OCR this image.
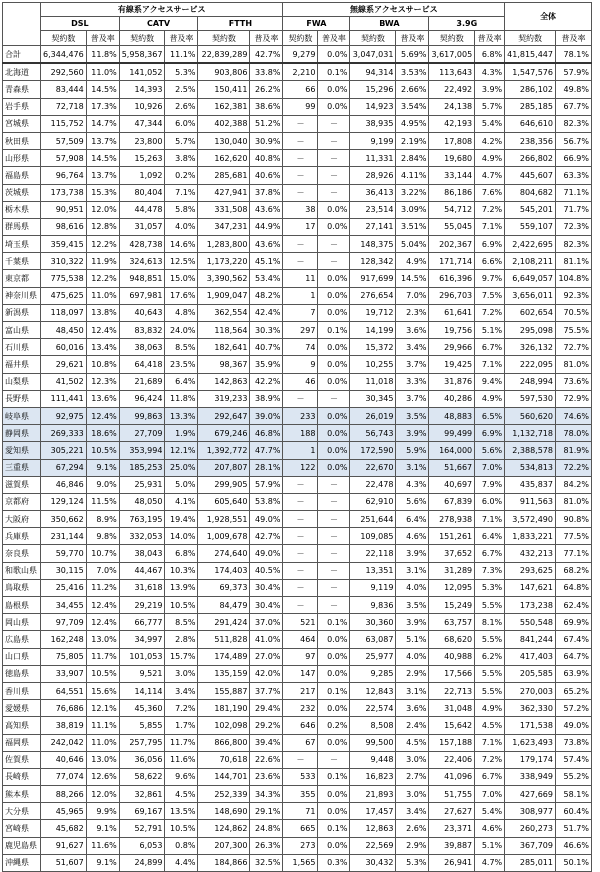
	有線系アクセスサービス						無線系アクセスサービス						全体	
	DSL		CATV		FTTH		FWA		BWA		3.9G			
	契約数	普及率	契約数	普及率	契約数	普及率	契約数	普及率	契約数	普及率	契約数	普及率	契約数	普及率
合計	6,344,476	11.8%	5,958,367	11.1%	22,839,289	42.7%	9,279	0.0%	3,047,031	5.69%	3,617,005	6.8%	41,815,447	78.1%
北海道	292,560	11.0%	141,052	5.3%	903,806	33.8%	2,210	0.1%	94,314	3.53%	113,643	4.3%	1,547,576	57.9%
青森県	83,444	14.5%	14,393	2.5%	150,411	26.2%	66	0.0%	15,296	2.66%	22,492	3.9%	286,102	49.8%
岩手県	72,718	17.3%	10,926	2.6%	162,381	38.6%	99	0.0%	14,923	3.54%	24,138	5.7%	285,185	67.7%
宮城県	115,752	14.7%	47,344	6.0%	402,388	51.2%	－	－	38,935	4.95%	42,193	5.4%	646,610	82.3%
秋田県	57,509	13.7%	23,800	5.7%	130,040	30.9%	－	－	9,199	2.19%	17,808	4.2%	238,356	56.7%
山形県	57,908	14.5%	15,263	3.8%	162,620	40.8%	－	－	11,331	2.84%	19,680	4.9%	266,802	66.9%
福島県	96,764	13.7%	1,092	0.2%	285,681	40.6%	－	－	28,926	4.11%	33,144	4.7%	445,607	63.3%
茨城県	173,738	15.3%	80,404	7.1%	427,941	37.8%	－	－	36,413	3.22%	86,186	7.6%	804,682	71.1%
栃木県	90,951	12.0%	44,478	5.8%	331,508	43.6%	38	0.0%	23,514	3.09%	54,712	7.2%	545,201	71.7%
群馬県	98,616	12.8%	31,057	4.0%	347,231	44.9%	17	0.0%	27,141	3.51%	55,045	7.1%	559,107	72.3%
埼玉県	359,415	12.2%	428,738	14.6%	1,283,800	43.6%	－	－	148,375	5.04%	202,367	6.9%	2,422,695	82.3%
千葉県	310,322	11.9%	324,613	12.5%	1,173,220	45.1%	－	－	128,342	4.9%	171,714	6.6%	2,108,211	81.1%
東京都	775,538	12.2%	948,851	15.0%	3,390,562	53.4%	11	0.0%	917,699	14.5%	616,396	9.7%	6,649,057	104.8%
神奈川県	475,625	11.0%	697,981	17.6%	1,909,047	48.2%	1	0.0%	276,654	7.0%	296,703	7.5%	3,656,011	92.3%
新潟県	118,097	13.8%	40,643	4.8%	362,554	42.4%	7	0.0%	19,712	2.3%	61,641	7.2%	602,654	70.5%
富山県	48,450	12.4%	83,832	24.0%	118,564	30.3%	297	0.1%	14,199	3.6%	19,756	5.1%	295,098	75.5%
石川県	60,016	13.4%	38,063	8.5%	182,641	40.7%	74	0.0%	15,372	3.4%	29,966	6.7%	326,132	72.7%
福井県	29,621	10.8%	64,418	23.5%	98,367	35.9%	9	0.0%	10,255	3.7%	19,425	7.1%	222,095	81.0%
山梨県	41,502	12.3%	21,689	6.4%	142,863	42.2%	46	0.0%	11,018	3.3%	31,876	9.4%	248,994	73.6%
長野県	111,441	13.6%	96,424	11.8%	319,233	38.9%	－	－	30,345	3.7%	40,286	4.9%	597,530	72.9%
岐阜県	92,975	12.4%	99,863	13.3%	292,647	39.0%	233	0.0%	26,019	3.5%	48,883	6.5%	560,620	74.6%
静岡県	269,333	18.6%	27,709	1.9%	679,246	46.8%	188	0.0%	56,743	3.9%	99,499	6.9%	1,132,718	78.0%
愛知県	305,221	10.5%	353,994	12.1%	1,392,772	47.7%	1	0.0%	172,590	5.9%	164,000	5.6%	2,388,578	81.9%
三重県	67,294	9.1%	185,253	25.0%	207,807	28.1%	122	0.0%	22,670	3.1%	51,667	7.0%	534,813	72.2%
滋賀県	46,846	9.0%	25,931	5.0%	299,905	57.9%	－	－	22,478	4.3%	40,697	7.9%	435,837	84.2%
京都府	129,124	11.5%	48,050	4.1%	605,640	53.8%	－	－	62,910	5.6%	67,839	6.0%	911,563	81.0%
大阪府	350,662	8.9%	763,195	19.4%	1,928,551	49.0%	－	－	251,644	6.4%	278,938	7.1%	3,572,490	90.8%
兵庫県	231,144	9.8%	332,053	14.0%	1,009,678	42.7%	－	－	109,085	4.6%	151,261	6.4%	1,833,221	77.5%
奈良県	59,770	10.7%	38,043	6.8%	274,640	49.0%	－	－	22,118	3.9%	37,652	6.7%	432,213	77.1%
和歌山県	30,115	7.0%	44,467	10.3%	174,403	40.5%	－	－	13,351	3.1%	31,289	7.3%	293,625	68.2%
鳥取県	25,416	11.2%	31,618	13.9%	69,373	30.4%	－	－	9,119	4.0%	12,095	5.3%	147,621	64.8%
島根県	34,455	12.4%	29,219	10.5%	84,479	30.4%	－	－	9,836	3.5%	15,249	5.5%	173,238	62.4%
岡山県	97,709	12.4%	66,777	8.5%	291,424	37.0%	521	0.1%	30,360	3.9%	63,757	8.1%	550,548	69.9%
広島県	162,248	13.0%	34,997	2.8%	511,828	41.0%	464	0.0%	63,087	5.1%	68,620	5.5%	841,244	67.4%
山口県	75,805	11.7%	101,053	15.7%	174,489	27.0%	97	0.0%	25,977	4.0%	40,988	6.2%	417,403	64.7%
徳島県	33,907	10.5%	9,521	3.0%	135,159	42.0%	147	0.0%	9,285	2.9%	17,566	5.5%	205,585	63.9%
香川県	64,551	15.6%	14,114	3.4%	155,887	37.7%	217	0.1%	12,843	3.1%	22,713	5.5%	270,003	65.2%
愛媛県	76,686	12.1%	45,360	7.2%	181,190	29.4%	232	0.0%	22,574	3.6%	31,048	4.9%	362,330	57.2%
高知県	38,819	11.1%	5,855	1.7%	102,098	29.2%	646	0.2%	8,508	2.4%	15,642	4.5%	171,538	49.0%
福岡県	242,042	11.0%	257,795	11.7%	866,800	39.4%	67	0.0%	99,500	4.5%	157,188	7.1%	1,623,493	73.8%
佐賀県	40,646	13.0%	36,056	11.6%	70,618	22.6%	－	－	9,448	3.0%	22,406	7.2%	179,174	57.4%
長崎県	77,074	12.6%	58,622	9.6%	144,701	23.6%	533	0.1%	16,823	2.7%	41,096	6.7%	338,949	55.2%
熊本県	88,266	12.0%	32,861	4.5%	252,339	34.3%	355	0.0%	21,893	3.0%	51,755	7.0%	427,669	58.1%
大分県	45,965	9.9%	69,167	13.5%	148,690	29.1%	71	0.0%	17,457	3.4%	27,627	5.4%	308,977	60.4%
宮崎県	45,682	9.1%	52,791	10.5%	124,862	24.8%	665	0.1%	12,863	2.6%	23,371	4.6%	260,273	51.7%
鹿児島県	91,627	11.6%	6,053	0.8%	207,300	26.3%	273	0.0%	22,569	2.9%	39,887	5.1%	367,709	46.6%
沖縄県	51,607	9.1%	24,899	4.4%	184,866	32.5%	1,565	0.3%	30,432	5.3%	26,941	4.7%	285,011	50.1%
